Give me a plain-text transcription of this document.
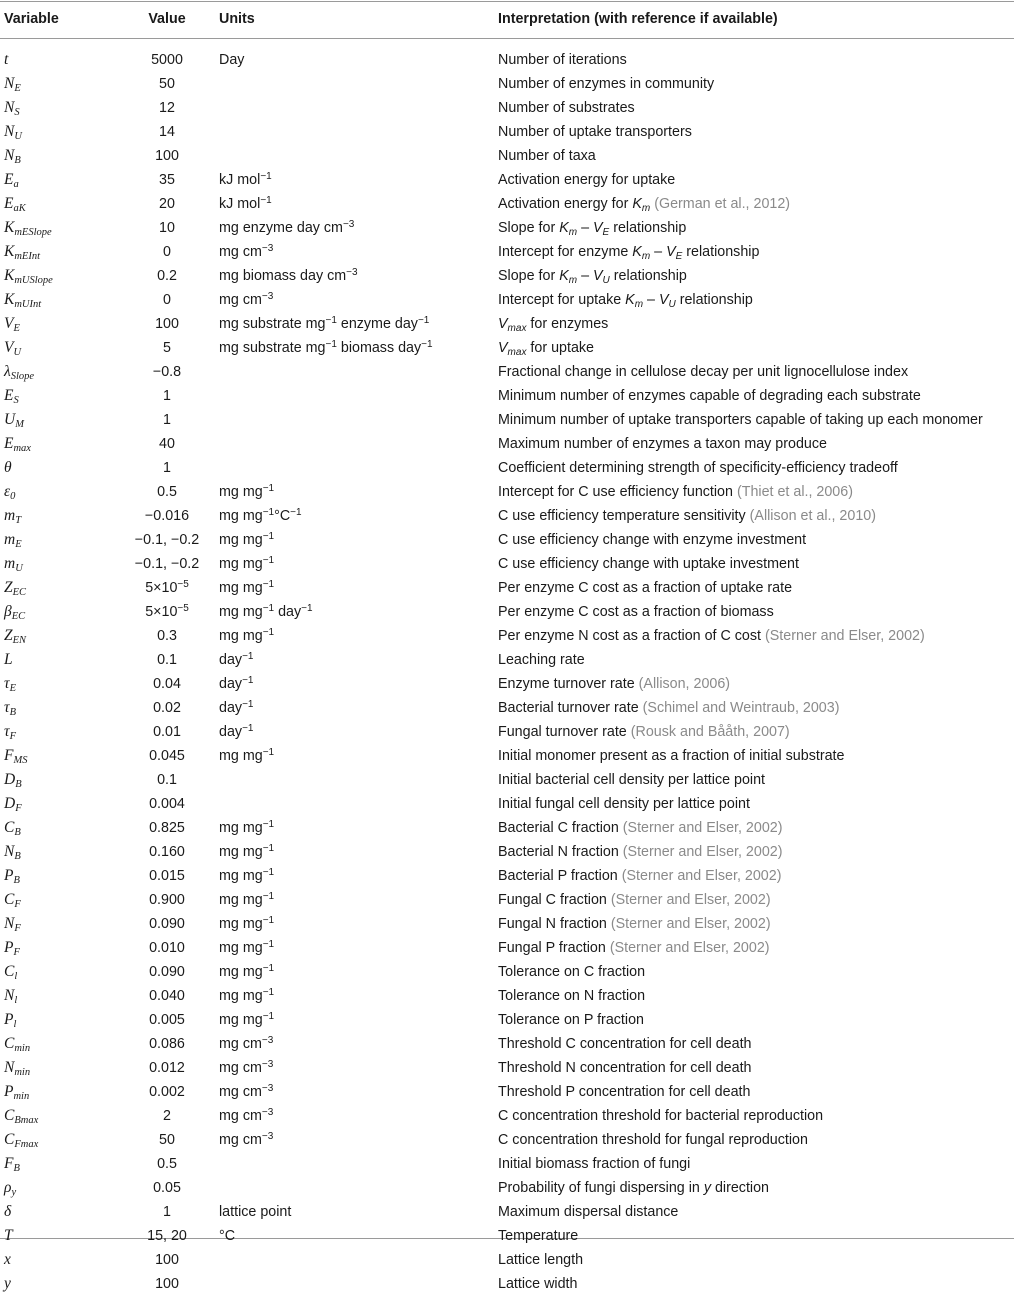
Variable	Value	Units	Interpretation (with reference if available)

t	5000	Day	Number of iterations
$N_E$	50		Number of enzymes in community
$N_S$	12		Number of substrates
$N_U$	14		Number of uptake transporters
$N_B$	100		Number of taxa
$E_a$	35	kJ mol$^{-1}$	Activation energy for uptake
$E_{aK}$	20	kJ mol$^{-1}$	Activation energy for $K_m$ (German et al., 2012)
$K_{mESlope}$	10	mg enzyme day $cm^{-3}$	Slope for $K_m - V_E$ relationship
$K_{mEInt}$	0	mg $cm^{-3}$	Intercept for enzyme $K_m - V_E$ relationship
$K_{mUSlope}$	0.2	mg biomass day $cm^{-3}$	Slope for $K_m - V_U$ relationship
$K_{mUInt}$	0	mg $cm^{-3}$	Intercept for uptake $K_m - V_U$ relationship
$V_E$	100	mg substrate $mg^{-1}$ enzyme day$^{-1}$	$V_{max}$ for enzymes
$V_U$	5	mg substrate $mg^{-1}$ biomass day$^{-1}$	$V_{max}$ for uptake
$\lambda_{Slope}$	−0.8		Fractional change in cellulose decay per unit lignocellulose index
$E_S$	1		Minimum number of enzymes capable of degrading each substrate
$U_M$	1		Minimum number of uptake transporters capable of taking up each monomer
$E_{max}$	40		Maximum number of enzymes a taxon may produce
θ	1		Coefficient determining strength of specificity-efficiency tradeoff
$\varepsilon_0$	0.5	mg $mg^{-1}$	Intercept for C use efficiency function (Thiet et al., 2006)
$m_T$	−0.016	mg $mg^{-1}^\circ C^{-1}$	C use efficiency temperature sensitivity (Allison et al., 2010)
$m_E$	−0.1, −0.2	mg $mg^{-1}$	C use efficiency change with enzyme investment
$m_U$	−0.1, −0.2	mg $mg^{-1}$	C use efficiency change with uptake investment
$Z_{EC}$	$5\times 10^{-5}$	mg $mg^{-1}$	Per enzyme C cost as a fraction of uptake rate
$\beta_{EC}$	$5\times 10^{-5}$	mg $mg^{-1}$ day$^{-1}$	Per enzyme C cost as a fraction of biomass
$Z_{EN}$	0.3	mg $mg^{-1}$	Per enzyme N cost as a fraction of C cost (Sterner and Elser, 2002)
L	0.1	day$^{-1}$	Leaching rate
$\tau_E$	0.04	day$^{-1}$	Enzyme turnover rate (Allison, 2006)
$\tau_B$	0.02	day$^{-1}$	Bacterial turnover rate (Schimel and Weintraub, 2003)
$\tau_F$	0.01	day$^{-1}$	Fungal turnover rate (Rousk and Bååth, 2007)
$F_{MS}$	0.045	mg $mg^{-1}$	Initial monomer present as a fraction of initial substrate
$D_B$	0.1		Initial bacterial cell density per lattice point
$D_F$	0.004		Initial fungal cell density per lattice point
$C_B$	0.825	mg $mg^{-1}$	Bacterial C fraction (Sterner and Elser, 2002)
$N_B$	0.160	mg $mg^{-1}$	Bacterial N fraction (Sterner and Elser, 2002)
$P_B$	0.015	mg $mg^{-1}$	Bacterial P fraction (Sterner and Elser, 2002)
$C_F$	0.900	mg $mg^{-1}$	Fungal C fraction (Sterner and Elser, 2002)
$N_F$	0.090	mg $mg^{-1}$	Fungal N fraction (Sterner and Elser, 2002)
$P_F$	0.010	mg $mg^{-1}$	Fungal P fraction (Sterner and Elser, 2002)
$C_l$	0.090	mg $mg^{-1}$	Tolerance on C fraction
$N_l$	0.040	mg $mg^{-1}$	Tolerance on N fraction
$P_l$	0.005	mg $mg^{-1}$	Tolerance on P fraction
$C_{min}$	0.086	mg $cm^{-3}$	Threshold C concentration for cell death
$N_{min}$	0.012	mg $cm^{-3}$	Threshold N concentration for cell death
$P_{min}$	0.002	mg $cm^{-3}$	Threshold P concentration for cell death
$C_{Bmax}$	2	mg $cm^{-3}$	C concentration threshold for bacterial reproduction
$C_{Fmax}$	50	mg $cm^{-3}$	C concentration threshold for fungal reproduction
$F_B$	0.5		Initial biomass fraction of fungi
$\rho_y$	0.05		Probability of fungi dispersing in y direction
δ	1	lattice point	Maximum dispersal distance
T	15, 20	°C	Temperature
x	100		Lattice length
y	100		Lattice width
